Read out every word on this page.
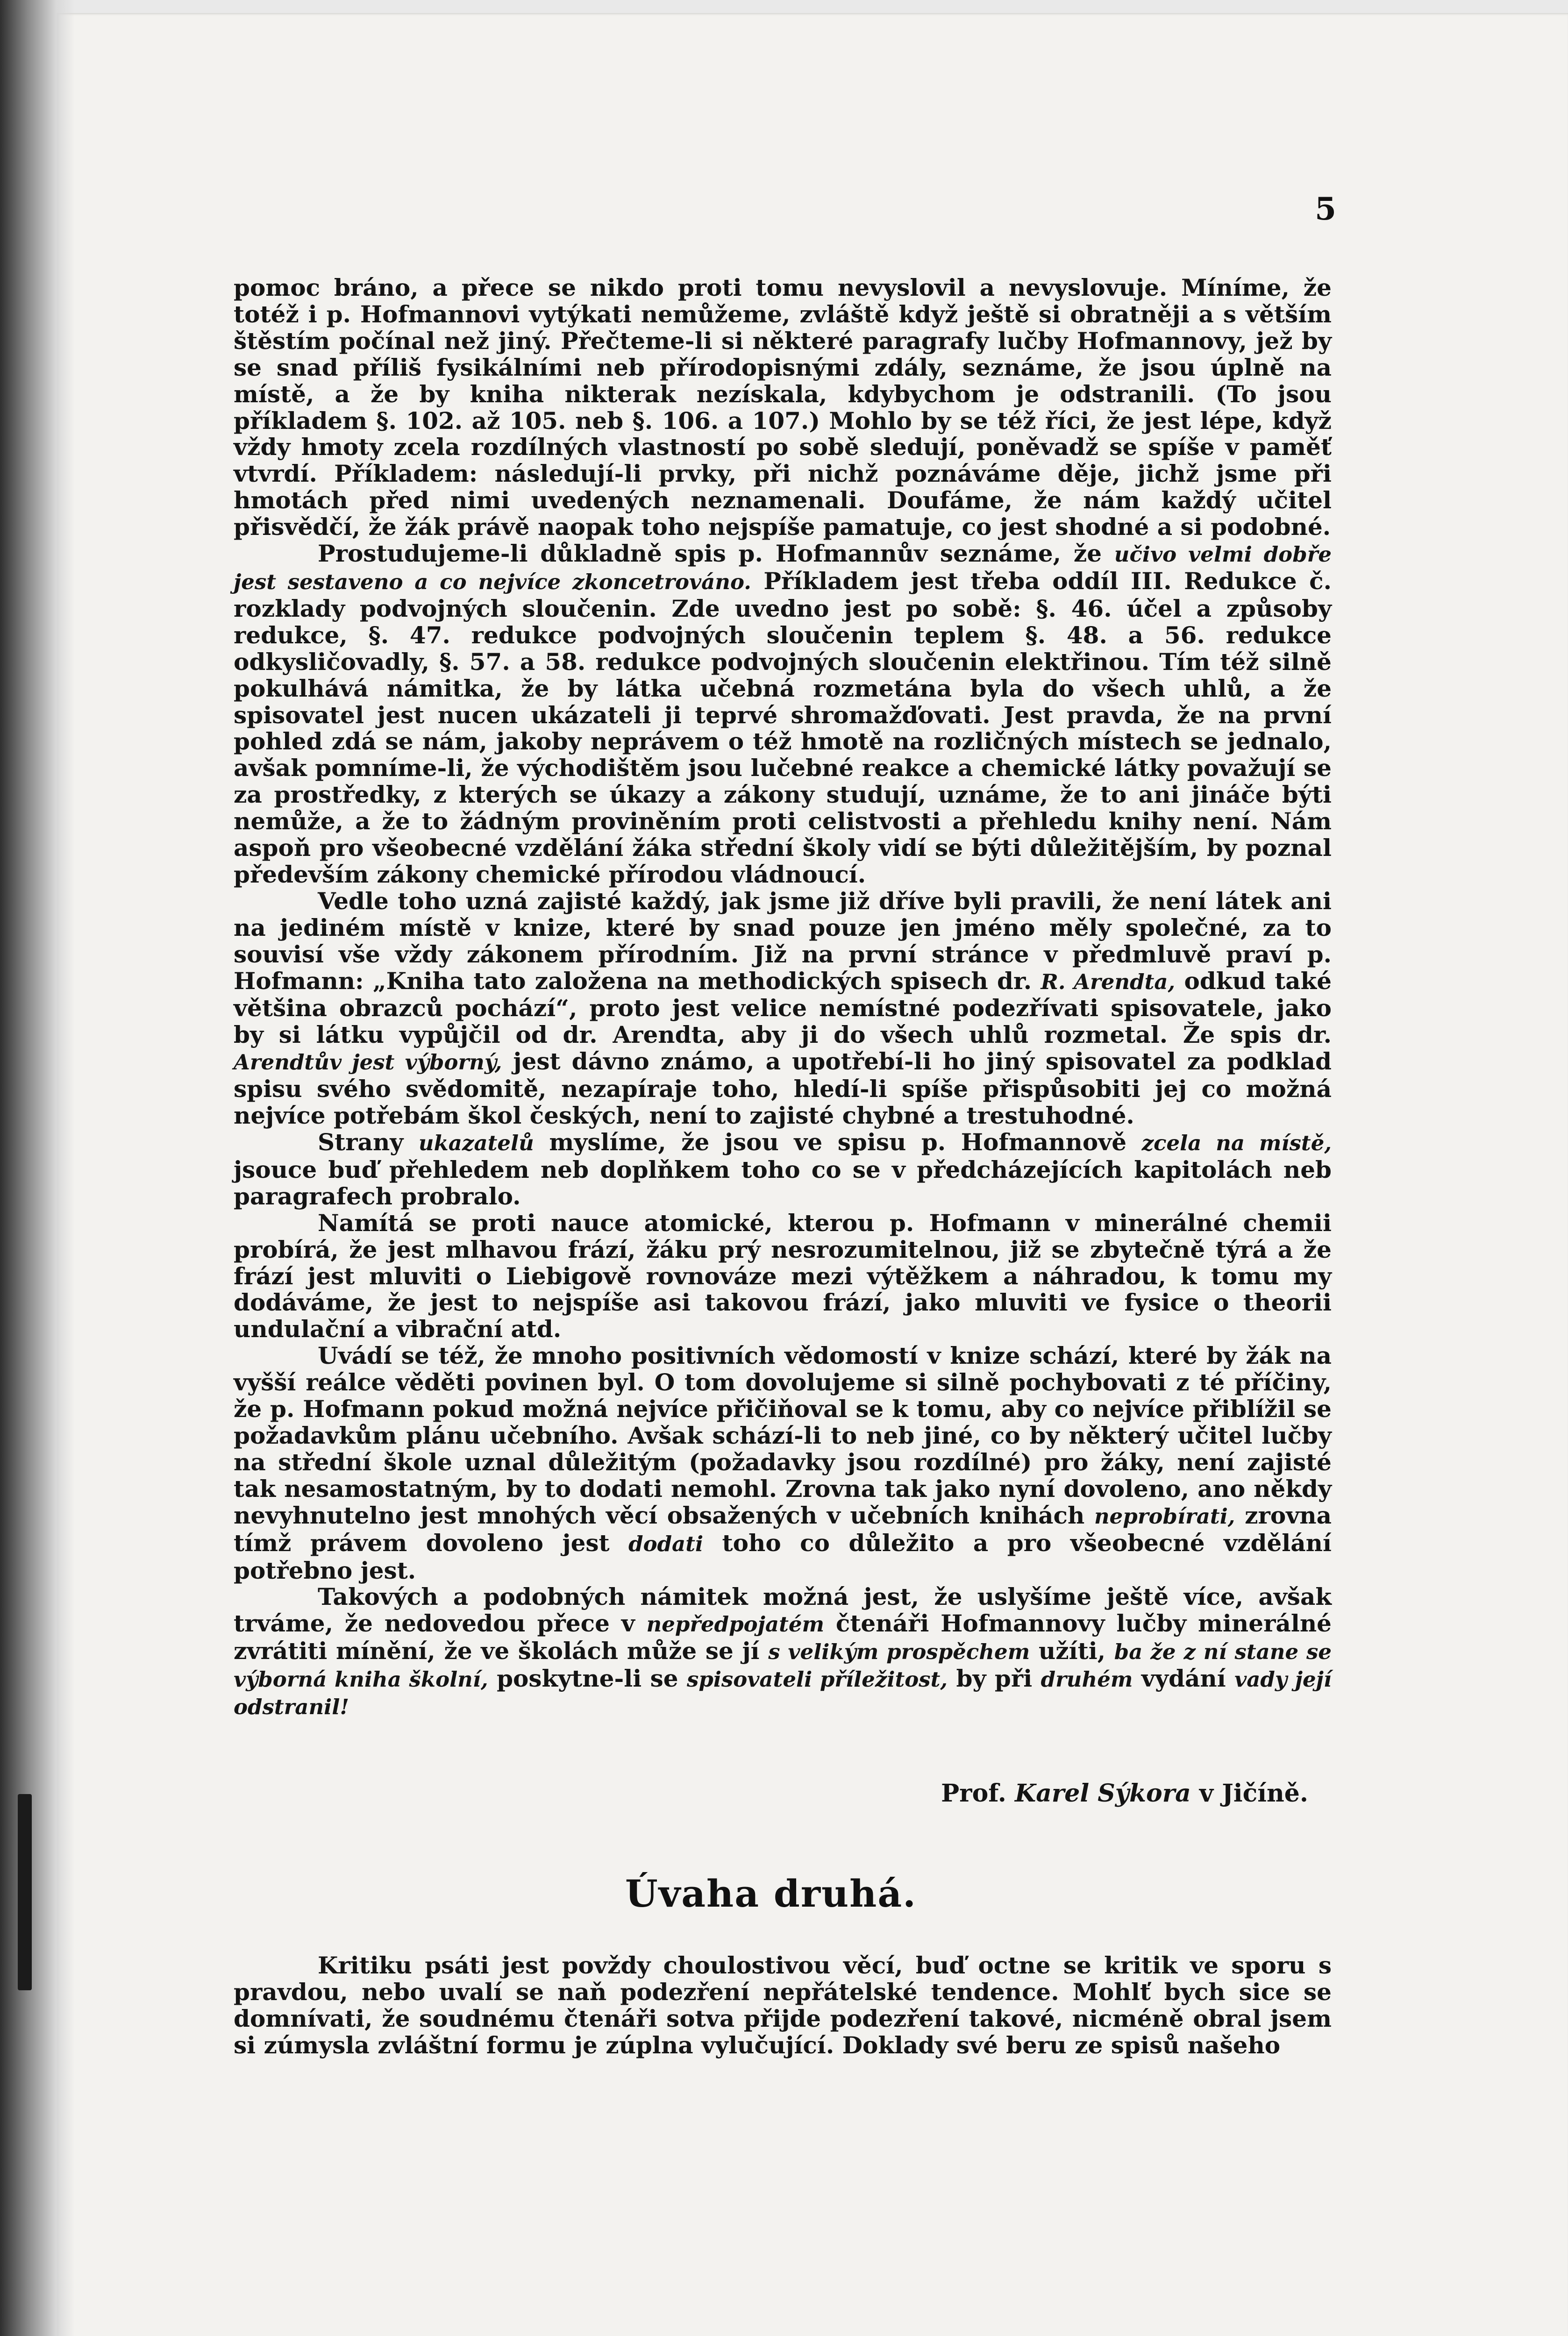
5

pomoc bráno, a přece se nikdo proti tomu nevyslovil a nevyslovuje. Míníme, že totéž i p. Hofmannovi vytýkati nemůžeme, zvláště když ještě si obratněji a s větším štěstím počínal než jiný. Přečteme-li si některé paragrafy lučby Hofmannovy, jež by se snad příliš fysikálními neb přírodopisnými zdály, seznáme, že jsou úplně na místě, a že by kniha nikterak nezískala, kdybychom je odstranili. (To jsou příkladem §. 102. až 105. neb §. 106. a 107.) Mohlo by se též říci, že jest lépe, když vždy hmoty zcela rozdílných vlastností po sobě sledují, poněvadž se spíše v paměť vtvrdí. Příkladem: následují-li prvky, při nichž poznáváme děje, jichž jsme při hmotách před nimi uvedených neznamenali. Doufáme, že nám každý učitel přisvědčí, že žák právě naopak toho nejspíše pamatuje, co jest shodné a si podobné.

Prostudujeme-li důkladně spis p. Hofmannův seznáme, že učivo velmi dobře jest sestaveno a co nejvíce zkoncetrováno. Příkladem jest třeba oddíl III. Redukce č. rozklady podvojných sloučenin. Zde uvedno jest po sobě: §. 46. účel a způsoby redukce, §. 47. redukce podvojných sloučenin teplem §. 48. a 56. redukce odkysličovadly, §. 57. a 58. redukce podvojných sloučenin elektřinou. Tím též silně pokulhává námitka, že by látka učebná rozmetána byla do všech uhlů, a že spisovatel jest nucen ukázateli ji teprvé shromažďovati. Jest pravda, že na první pohled zdá se nám, jakoby neprávem o též hmotě na rozličných místech se jednalo, avšak pomníme-li, že východištěm jsou lučebné reakce a chemické látky považují se za prostředky, z kterých se úkazy a zákony studují, uznáme, že to ani jináče býti nemůže, a že to žádným proviněním proti celistvosti a přehledu knihy není. Nám aspoň pro všeobecné vzdělání žáka střední školy vidí se býti důležitějším, by poznal především zákony chemické přírodou vládnoucí.

Vedle toho uzná zajisté každý, jak jsme již dříve byli pravili, že není látek ani na jediném místě v knize, které by snad pouze jen jméno měly společné, za to souvisí vše vždy zákonem přírodním. Již na první stránce v předmluvě praví p. Hofmann: „Kniha tato založena na methodických spisech dr. R. Arendta, odkud také většina obrazců pochází“, proto jest velice nemístné podezřívati spisovatele, jako by si látku vypůjčil od dr. Arendta, aby ji do všech uhlů rozmetal. Že spis dr. Arendtův jest výborný, jest dávno známo, a upotřebí-li ho jiný spisovatel za podklad spisu svého svědomitě, nezapíraje toho, hledí-li spíše přispůsobiti jej co možná nejvíce potřebám škol českých, není to zajisté chybné a trestuhodné.

Strany ukazatelů myslíme, že jsou ve spisu p. Hofmannově zcela na místě, jsouce buď přehledem neb doplňkem toho co se v předcházejících kapitolách neb paragrafech probralo.

Namítá se proti nauce atomické, kterou p. Hofmann v minerálné chemii probírá, že jest mlhavou frází, žáku prý nesrozumitelnou, již se zbytečně týrá a že frází jest mluviti o Liebigově rovnováze mezi výtěžkem a náhradou, k tomu my dodáváme, že jest to nejspíše asi takovou frází, jako mluviti ve fysice o theorii undulační a vibrační atd.

Uvádí se též, že mnoho positivních vědomostí v knize schází, které by žák na vyšší reálce věděti povinen byl. O tom dovolujeme si silně pochybovati z té příčiny, že p. Hofmann pokud možná nejvíce přičiňoval se k tomu, aby co nejvíce přiblížil se požadavkům plánu učebního. Avšak schází-li to neb jiné, co by některý učitel lučby na střední škole uznal důležitým (požadavky jsou rozdílné) pro žáky, není zajisté tak nesamostatným, by to dodati nemohl. Zrovna tak jako nyní dovoleno, ano někdy nevyhnutelno jest mnohých věcí obsažených v učebních knihách neprobírati, zrovna tímž právem dovoleno jest dodati toho co důležito a pro všeobecné vzdělání potřebno jest.

Takových a podobných námitek možná jest, že uslyšíme ještě více, avšak trváme, že nedovedou přece v nepředpojatém čtenáři Hofmannovy lučby minerálné zvrátiti mínění, že ve školách může se jí s velikým prospěchem užíti, ba že z ní stane se výborná kniha školní, poskytne-li se spisovateli příležitost, by při druhém vydání vady její odstranil!

Prof. Karel Sýkora v Jičíně.
Úvaha druhá.

Kritiku psáti jest povždy choulostivou věcí, buď octne se kritik ve sporu s pravdou, nebo uvalí se naň podezření nepřátelské tendence. Mohlť bych sice se domnívati, že soudnému čtenáři sotva přijde podezření takové, nicméně obral jsem si zúmysla zvláštní formu je zúplna vylučující. Doklady své beru ze spisů našeho
